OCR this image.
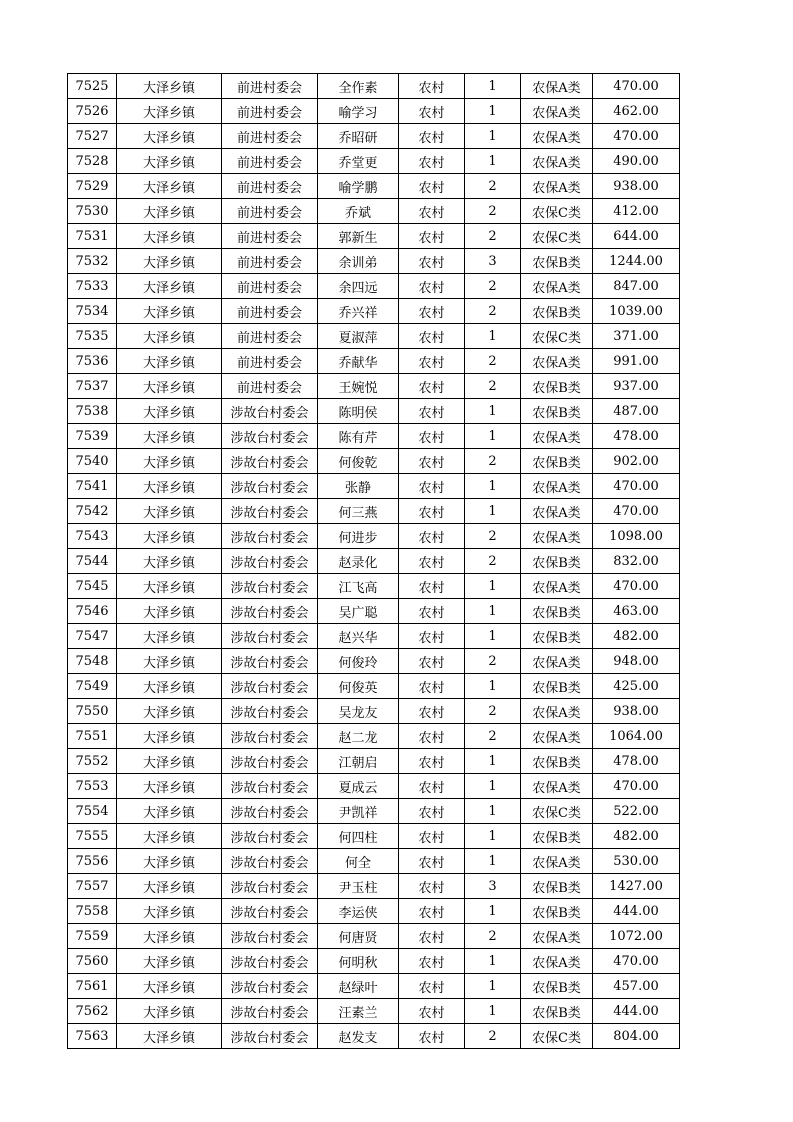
7525	大泽乡镇	前进村委会	全作素	农村	1	农保A类	470.00
7526	大泽乡镇	前进村委会	喻学习	农村	1	农保A类	462.00
7527	大泽乡镇	前进村委会	乔昭研	农村	1	农保A类	470.00
7528	大泽乡镇	前进村委会	乔堂更	农村	1	农保A类	490.00
7529	大泽乡镇	前进村委会	喻学鹏	农村	2	农保A类	938.00
7530	大泽乡镇	前进村委会	乔斌	农村	2	农保C类	412.00
7531	大泽乡镇	前进村委会	郭新生	农村	2	农保C类	644.00
7532	大泽乡镇	前进村委会	余训弟	农村	3	农保B类	1244.00
7533	大泽乡镇	前进村委会	余四远	农村	2	农保A类	847.00
7534	大泽乡镇	前进村委会	乔兴祥	农村	2	农保B类	1039.00
7535	大泽乡镇	前进村委会	夏淑萍	农村	1	农保C类	371.00
7536	大泽乡镇	前进村委会	乔献华	农村	2	农保A类	991.00
7537	大泽乡镇	前进村委会	王婉悦	农村	2	农保B类	937.00
7538	大泽乡镇	涉故台村委会	陈明侯	农村	1	农保B类	487.00
7539	大泽乡镇	涉故台村委会	陈有芹	农村	1	农保A类	478.00
7540	大泽乡镇	涉故台村委会	何俊乾	农村	2	农保B类	902.00
7541	大泽乡镇	涉故台村委会	张静	农村	1	农保A类	470.00
7542	大泽乡镇	涉故台村委会	何三燕	农村	1	农保A类	470.00
7543	大泽乡镇	涉故台村委会	何进步	农村	2	农保A类	1098.00
7544	大泽乡镇	涉故台村委会	赵录化	农村	2	农保B类	832.00
7545	大泽乡镇	涉故台村委会	江飞高	农村	1	农保A类	470.00
7546	大泽乡镇	涉故台村委会	吴广聪	农村	1	农保B类	463.00
7547	大泽乡镇	涉故台村委会	赵兴华	农村	1	农保B类	482.00
7548	大泽乡镇	涉故台村委会	何俊玲	农村	2	农保A类	948.00
7549	大泽乡镇	涉故台村委会	何俊英	农村	1	农保B类	425.00
7550	大泽乡镇	涉故台村委会	吴龙友	农村	2	农保A类	938.00
7551	大泽乡镇	涉故台村委会	赵二龙	农村	2	农保A类	1064.00
7552	大泽乡镇	涉故台村委会	江朝启	农村	1	农保B类	478.00
7553	大泽乡镇	涉故台村委会	夏成云	农村	1	农保A类	470.00
7554	大泽乡镇	涉故台村委会	尹凯祥	农村	1	农保C类	522.00
7555	大泽乡镇	涉故台村委会	何四柱	农村	1	农保B类	482.00
7556	大泽乡镇	涉故台村委会	何全	农村	1	农保A类	530.00
7557	大泽乡镇	涉故台村委会	尹玉柱	农村	3	农保B类	1427.00
7558	大泽乡镇	涉故台村委会	李运侠	农村	1	农保B类	444.00
7559	大泽乡镇	涉故台村委会	何唐贤	农村	2	农保A类	1072.00
7560	大泽乡镇	涉故台村委会	何明秋	农村	1	农保A类	470.00
7561	大泽乡镇	涉故台村委会	赵绿叶	农村	1	农保B类	457.00
7562	大泽乡镇	涉故台村委会	汪素兰	农村	1	农保B类	444.00
7563	大泽乡镇	涉故台村委会	赵发支	农村	2	农保C类	804.00
